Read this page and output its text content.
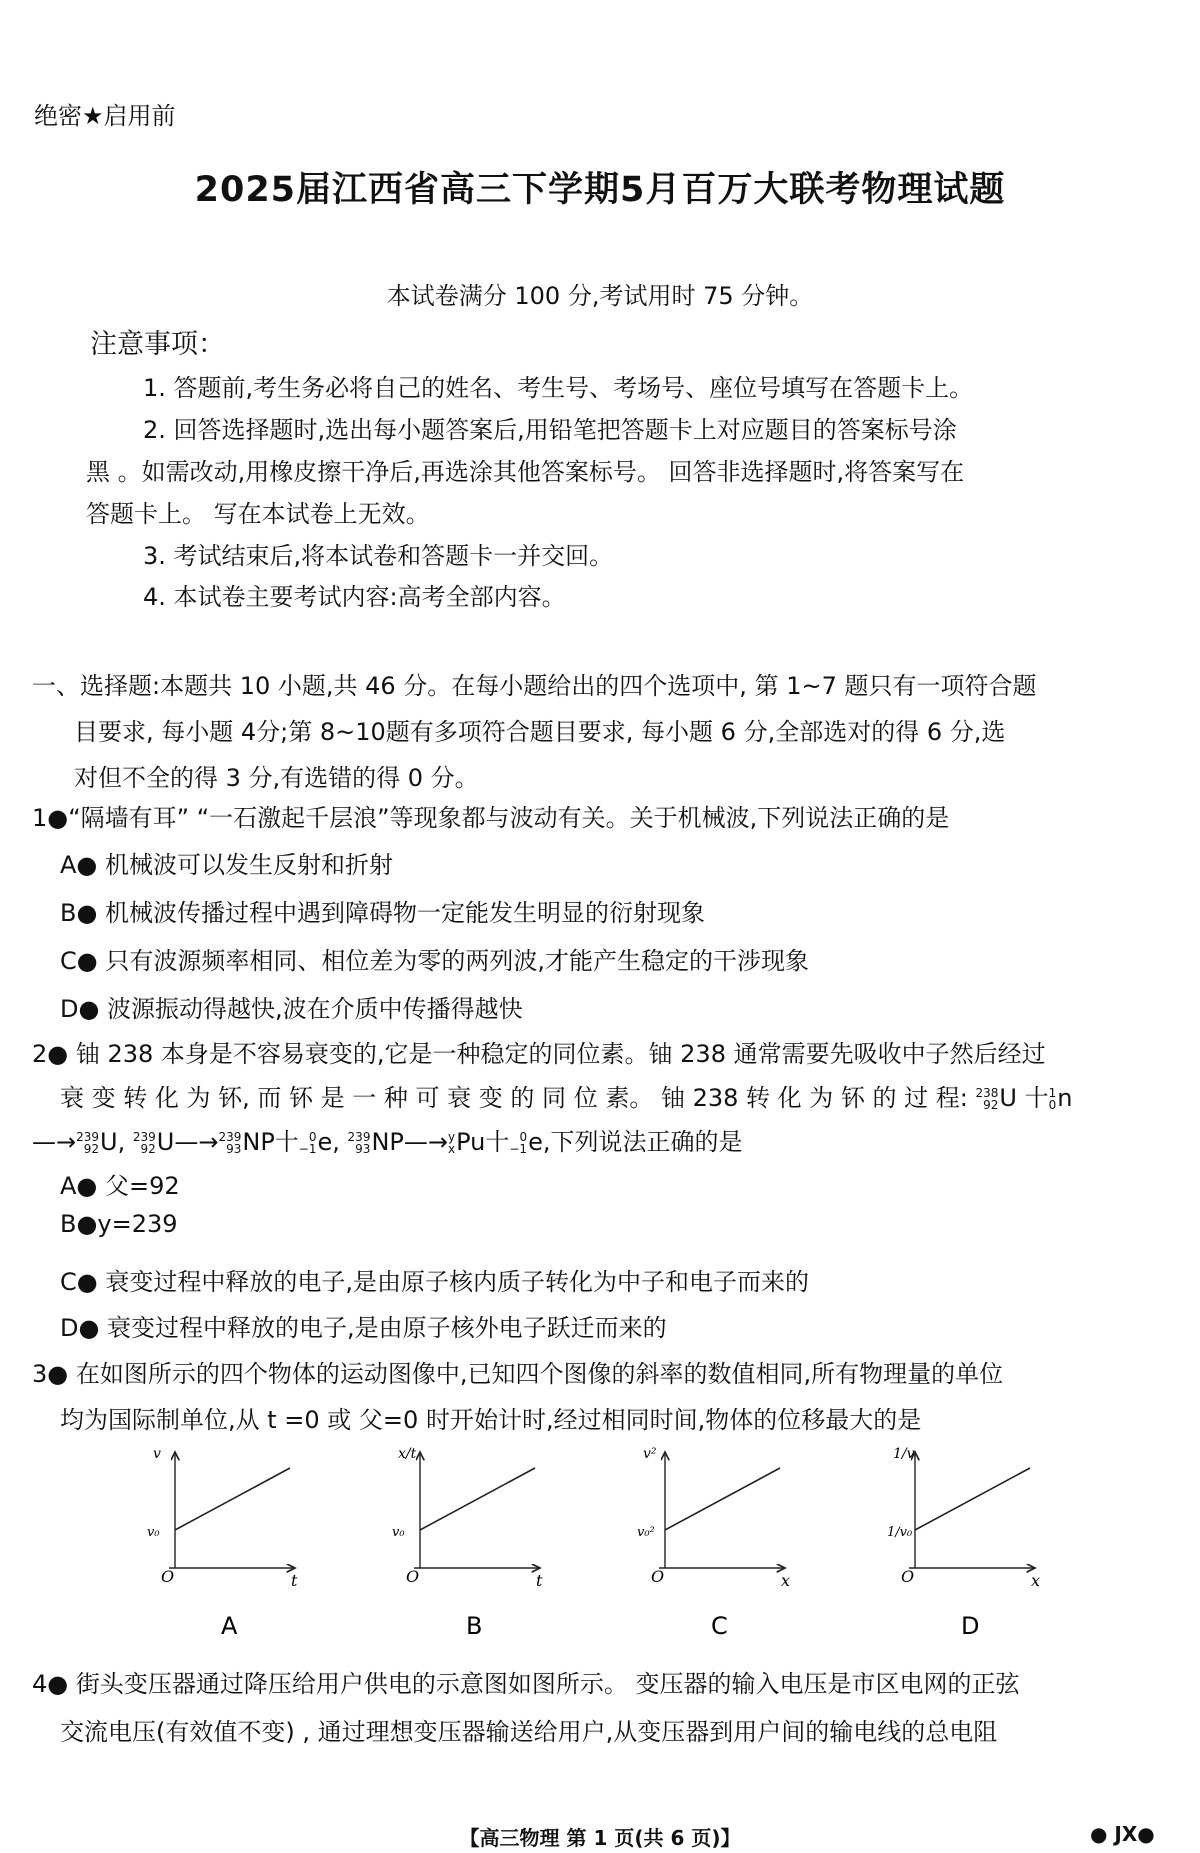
绝密★启用前
2025届江西省高三下学期5月百万大联考物理试题
本试卷满分 100 分,考试用时 75 分钟。
注意事项：
1. 答题前,考生务必将自己的姓名、考生号、考场号、座位号填写在答题卡上。
2. 回答选择题时,选出每小题答案后,用铅笔把答题卡上对应题目的答案标号涂
黑 。如需改动,用橡皮擦干净后,再选涂其他答案标号。 回答非选择题时,将答案写在
答题卡上。 写在本试卷上无效。
3. 考试结束后,将本试卷和答题卡一并交回。
4. 本试卷主要考试内容:高考全部内容。
一、选择题:本题共 10 小题,共 46 分。在每小题给出的四个选项中, 第 1~7 题只有一项符合题
目要求, 每小题 4分;第 8~10题有多项符合题目要求, 每小题 6 分,全部选对的得 6 分,选
对但不全的得 3 分,有选错的得 0 分。
1●“隔墙有耳” “一石激起千层浪”等现象都与波动有关。关于机械波,下列说法正确的是
A● 机械波可以发生反射和折射
B● 机械波传播过程中遇到障碍物一定能发生明显的衍射现象
C● 只有波源频率相同、相位差为零的两列波,才能产生稳定的干涉现象
D● 波源振动得越快,波在介质中传播得越快
2● 铀 238 本身是不容易衰变的,它是一种稳定的同位素。铀 238 通常需要先吸收中子然后经过
衰 变 转 化 为 钚, 而 钚 是 一 种 可 衰 变 的 同 位 素。 铀 238 转 化 为 钚 的 过 程: 238
92 U 十 1
0 n
—→ 239
92 U, 239
92 U—→ 239
93 NP十 0
−1 e, 239
93 NP—→ y
x Pu十 0
−1 e,下列说法正确的是
A● 父=92
B●y=239
C● 衰变过程中释放的电子,是由原子核内质子转化为中子和电子而来的
D● 衰变过程中释放的电子,是由原子核外电子跃迁而来的
3● 在如图所示的四个物体的运动图像中,已知四个图像的斜率的数值相同,所有物理量的单位
均为国际制单位,从 t =0 或 父=0 时开始计时,经过相同时间,物体的位移最大的是
O	t
v
v₀
A
O	t
x/t
v₀
B
O	x
v²
v₀²
C
O	x
1/v
1/v₀
D
4● 街头变压器通过降压给用户供电的示意图如图所示。 变压器的输入电压是市区电网的正弦
交流电压(有效值不变) , 通过理想变压器输送给用户,从变压器到用户间的输电线的总电阻
【高三物理 第 1 页(共 6 页)】	● JX●
